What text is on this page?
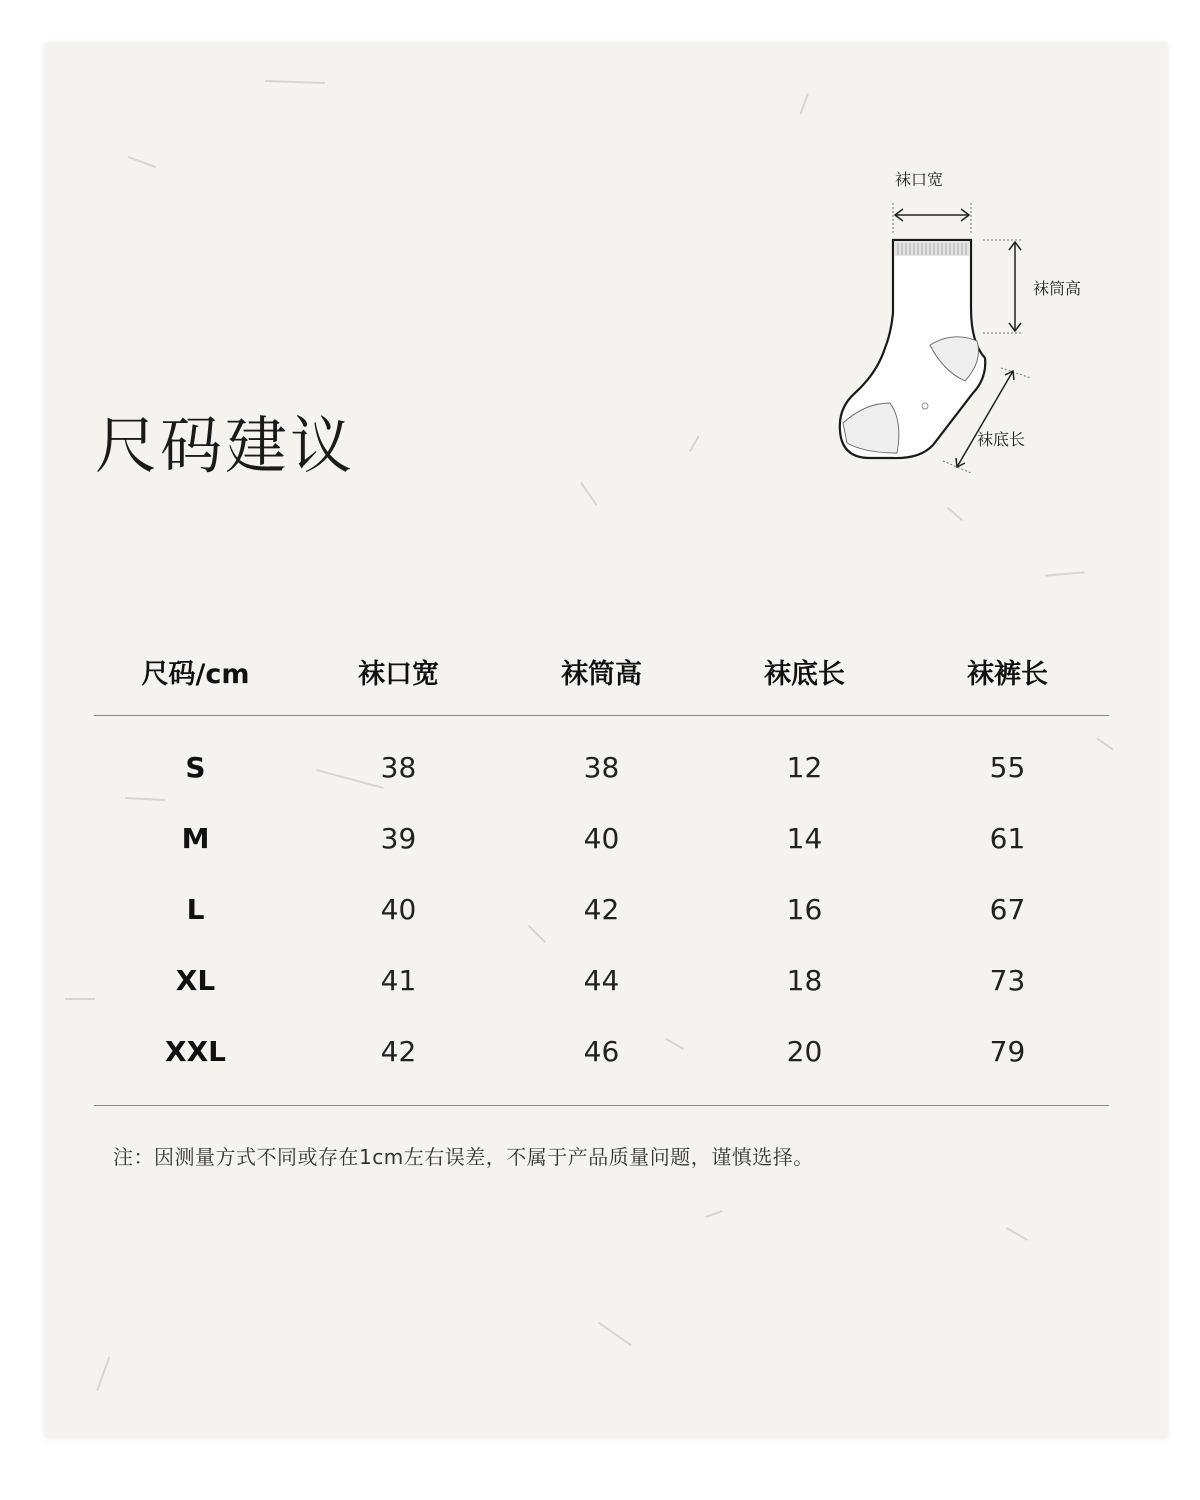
尺码建议
袜口宽
袜筒高
袜底长
尺码/cm	袜口宽	袜筒高	袜底长	袜裤长
S	38	38	12	55
M	39	40	14	61
L	40	42	16	67
XL	41	44	18	73
XXL	42	46	20	79
注：因测量方式不同或存在1cm左右误差，不属于产品质量问题，谨慎选择。
